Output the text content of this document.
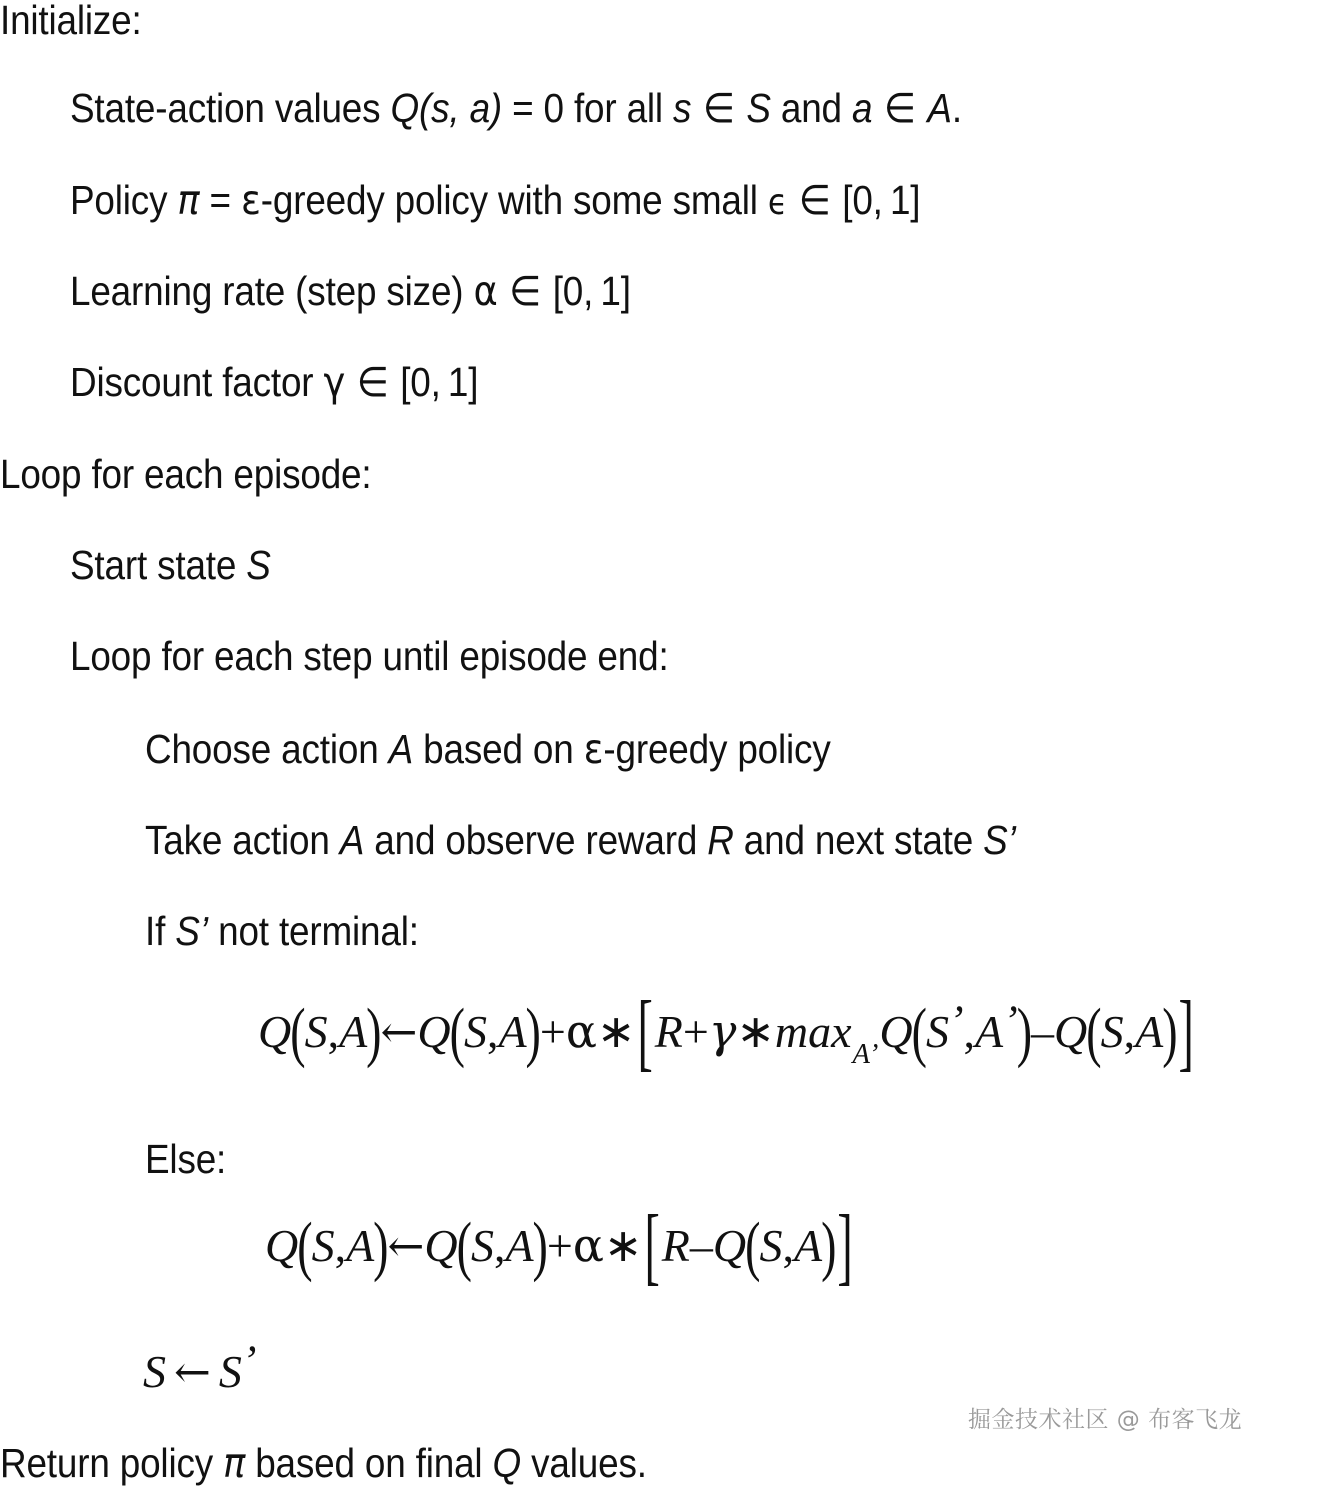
Initialize:
State-action values Q(s, a) = 0 for all s ∈ S and a ∈ A.
Policy π = ε-greedy policy with some small ϵ ∈ [0, 1]
Learning rate (step size) α ∈ [0, 1]
Discount factor γ ∈ [0, 1]
Loop for each episode:
Start state S
Loop for each step until episode end:
Choose action A based on ε-greedy policy
Take action A and observe reward R and next state S’
If S’ not terminal:
Q(S,A)←Q(S,A)+α∗[R+γ∗maxA’Q(S’,A’)–Q(S,A)]
Else:
Q(S,A)←Q(S,A)+α∗[R–Q(S,A)]
S ← S’
Return policy π based on final Q values.
掘金技术社区 @ 布客飞龙
